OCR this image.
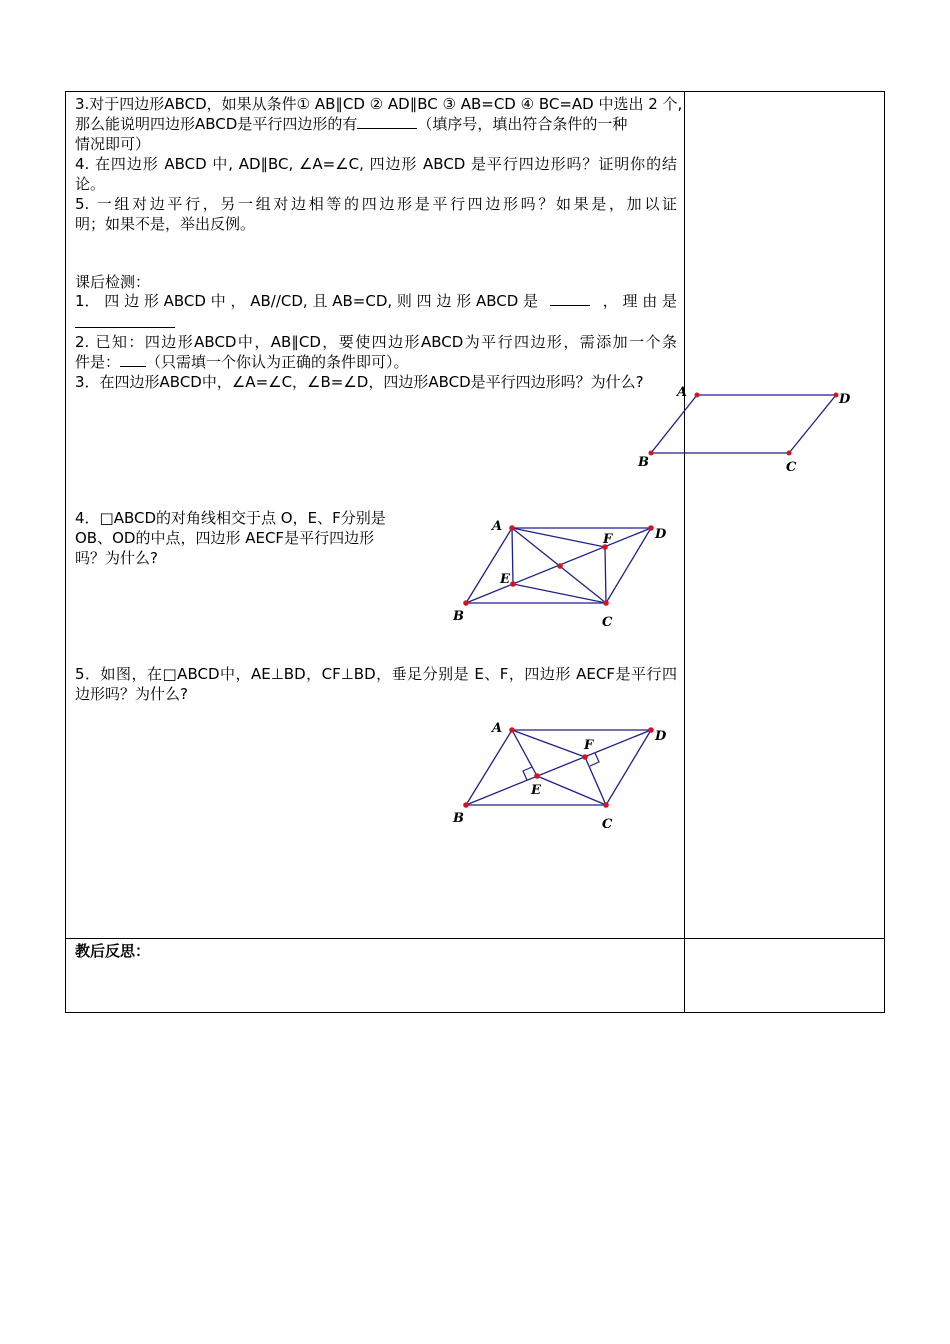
3.对于四边形ABCD，如果从条件① AB∥CD ② AD∥BC ③ AB=CD ④ BC=AD 中选出 2 个,
那么能说明四边形ABCD是平行四边形的有	（填序号，填出符合条件的一种
情况即可）
4. 在四边形 ABCD 中, AD∥BC, ∠A=∠C, 四边形 ABCD 是平行四边形吗？证明你的结
论。
5. 一组对边平行，另一组对边相等的四边形是平行四边形吗？如果是，加以证
明；如果不是，举出反例。
课后检测：
1． 四 边 形 ABCD 中 ， AB//CD, 且 AB=CD, 则 四 边 形 ABCD 是	， 理 由 是
2. 已知：四边形ABCD中，AB∥CD，要使四边形ABCD为平行四边形，需添加一个条
件是： （只需填一个你认为正确的条件即可）。
3．在四边形ABCD中，∠A=∠C，∠B=∠D，四边形ABCD是平行四边形吗？为什么?
A	D
C
B
4．□ABCD的对角线相交于点 O，E、F分别是
OB、OD的中点，四边形 AECF是平行四边形
吗？为什么?
A
D
C
B
E
F
5．如图，在□ABCD中，AE⊥BD，CF⊥BD，垂足分别是 E、F，四边形 AECF是平行四
边形吗？为什么?
A
D
C
B
E
F
教后反思：
